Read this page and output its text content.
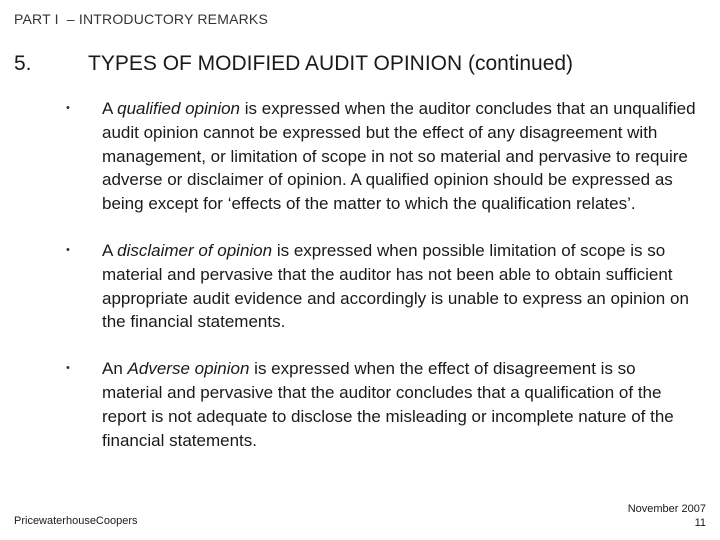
PART I – INTRODUCTORY REMARKS
5.	TYPES OF MODIFIED AUDIT OPINION (continued)
• A qualified opinion is expressed when the auditor concludes that an unqualified audit opinion cannot be expressed but the effect of any disagreement with management, or limitation of scope in not so material and pervasive to require adverse or disclaimer of opinion. A qualified opinion should be expressed as being except for ‘effects of the matter to which the qualification relates’.
• A disclaimer of opinion is expressed when possible limitation of scope is so material and pervasive that the auditor has not been able to obtain sufficient appropriate audit evidence and accordingly is unable to express an opinion on the financial statements.
• An Adverse opinion is expressed when the effect of disagreement is so material and pervasive that the auditor concludes that a qualification of the report is not adequate to disclose the misleading or incomplete nature of the financial statements.
PricewaterhouseCoopers
November 2007
11
